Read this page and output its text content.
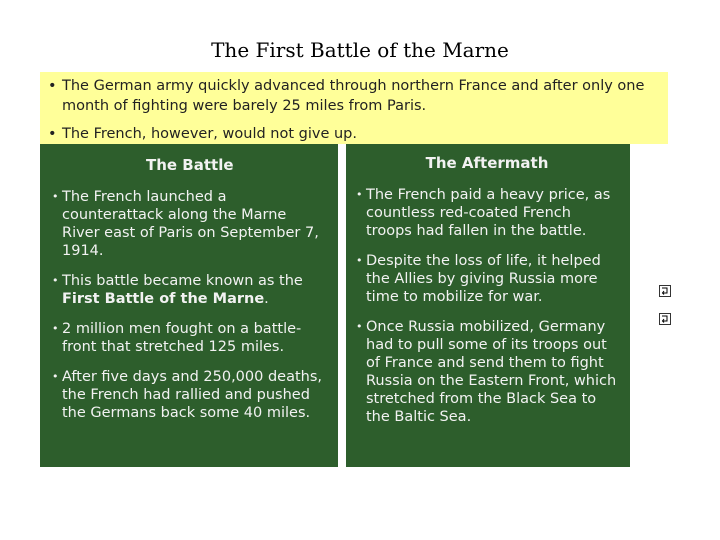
The First Battle of the Marne
• The German army quickly advanced through northern France and after only one month of fighting were barely 25 miles from Paris.
• The French, however, would not give up.
The Battle
• The French launched a counterattack along the Marne River east of Paris on September 7, 1914.
• This battle became known as the First Battle of the Marne.
• 2 million men fought on a battle-front that stretched 125 miles.
• After five days and 250,000 deaths, the French had rallied and pushed the Germans back some 40 miles.
The Aftermath
• The French paid a heavy price, as countless red-coated French troops had fallen in the battle.
• Despite the loss of life, it helped the Allies by giving Russia more time to mobilize for war.
• Once Russia mobilized, Germany had to pull some of its troops out of France and send them to fight Russia on the Eastern Front, which stretched from the Black Sea to the Baltic Sea.
